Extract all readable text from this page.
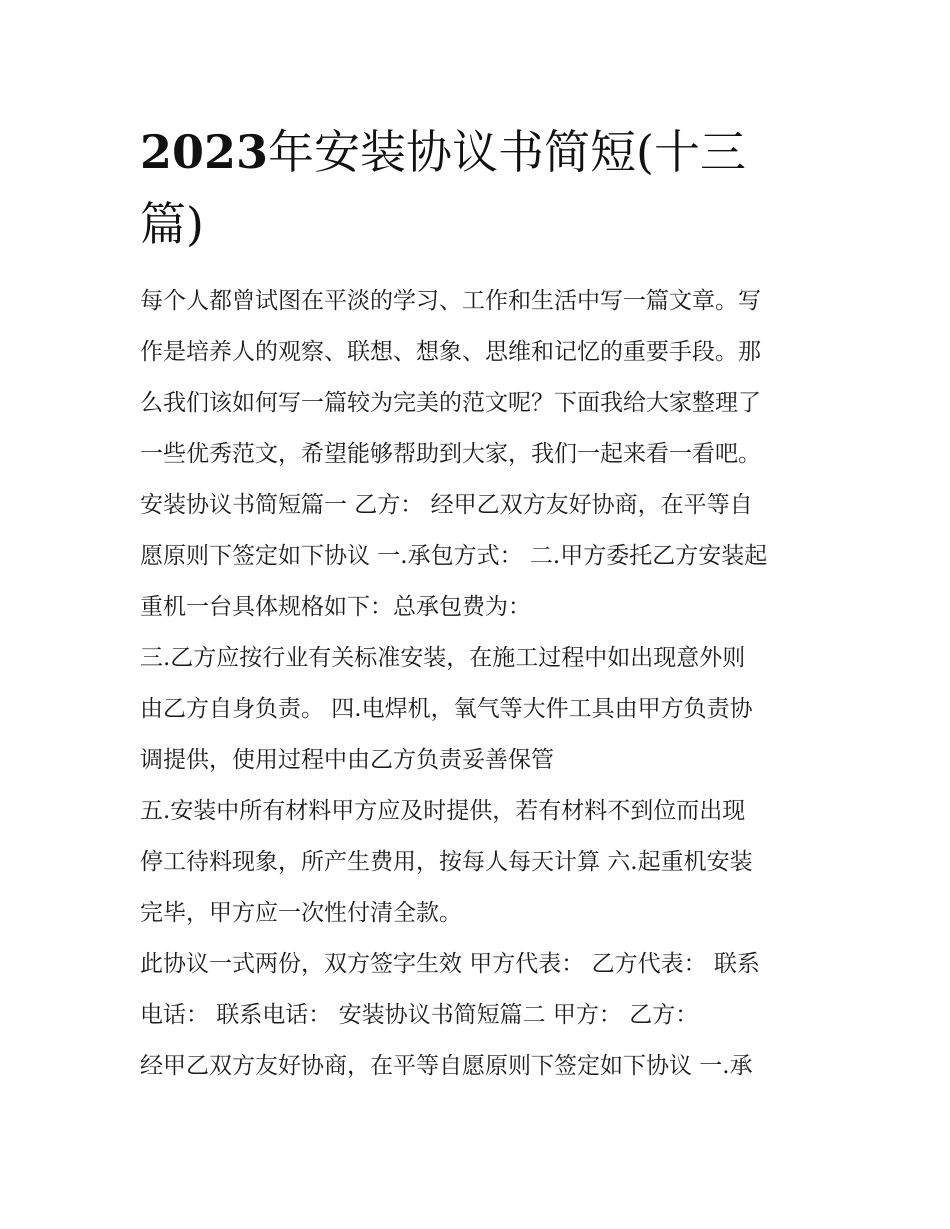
2023年安装协议书简短(十三
篇)
每个人都曾试图在平淡的学习、工作和生活中写一篇文章。写
作是培养人的观察、联想、想象、思维和记忆的重要手段。那
么我们该如何写一篇较为完美的范文呢？下面我给大家整理了
一些优秀范文，希望能够帮助到大家，我们一起来看一看吧。
安装协议书简短篇一 乙方： 经甲乙双方友好协商，在平等自
愿原则下签定如下协议 一.承包方式： 二.甲方委托乙方安装起
重机一台具体规格如下：总承包费为：
三.乙方应按行业有关标准安装，在施工过程中如出现意外则
由乙方自身负责。 四.电焊机，氧气等大件工具由甲方负责协
调提供，使用过程中由乙方负责妥善保管
五.安装中所有材料甲方应及时提供，若有材料不到位而出现
停工待料现象，所产生费用，按每人每天计算 六.起重机安装
完毕，甲方应一次性付清全款。
此协议一式两份，双方签字生效 甲方代表： 乙方代表： 联系
电话： 联系电话： 安装协议书简短篇二 甲方： 乙方：
经甲乙双方友好协商，在平等自愿原则下签定如下协议 一.承
